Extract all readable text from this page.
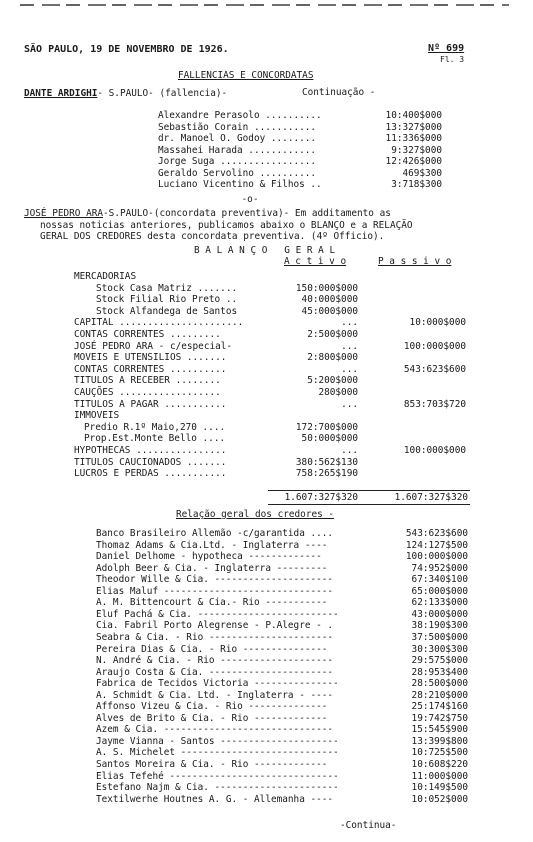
SÃO PAULO, 19 DE NOVEMBRO DE 1926.	Nº 699
Fl. 3
FALLENCIAS E CONCORDATAS
DANTE ARDIGHI- S.PAULO- (fallencia)-	Continuação -
Alexandre Perasolo ..........	10:400$000
Sebastião Corain ...........	13:327$000
dr. Manoel O. Godoy ........	11:336$000
Massahei Harada ............	9:327$000
Jorge Suga .................	12:426$000
Geraldo Servolino ..........	469$300
Luciano Vicentino & Filhos ..	3:718$300
-o-
JOSÉ PEDRO ARA-S.PAULO-(concordata preventiva)- Em additamento as
nossas noticias anteriores, publicamos abaixo o BLANÇO e a RELAÇÃO
GERAL DOS CREDORES desta concordata preventiva. (4º Officio).
B A L A N Ç O   G E R A L
A c t i v o	P a s s i v o
MERCADORIAS
Stock Casa Matriz .......	150:000$000
Stock Filial Rio Preto ..	40:000$000
Stock Alfandega de Santos	45:000$000
CAPITAL ......................	...	10:000$000
CONTAS CORRENTES .........	2:500$000
JOSÉ PEDRO ARA - c/especial-	...	100:000$000
MOVEIS E UTENSILIOS .......	2:800$000
CONTAS CORRENTES ..........	...	543:623$600
TITULOS A RECEBER ........	5:200$000
CAUÇÕES ..................	280$000
TITULOS A PAGAR ...........	...	853:703$720
IMMOVEIS
Predio R.1º Maio,270 ....	172:700$000
Prop.Est.Monte Bello ....	50:000$000
HYPOTHECAS ................	...	100:000$000
TITULOS CAUCIONADOS .......	380:562$130
LUCROS E PERDAS ...........	758:265$190
1.607:327$320	1.607:327$320
Relação geral dos credores -
Banco Brasileiro Allemão -c/garantida ....	543:623$600
Thomaz Adams & Cia.Ltd. - Inglaterra ----	124:127$500
Daniel Delhome - hypotheca -------------	100:000$000
Adolph Beer & Cia. - Inglaterra ---------	74:952$000
Theodor Wille & Cia. ---------------------	67:340$100
Elias Maluf ------------------------------	65:000$000
A. M. Bittencourt & Cia.- Rio -----------	62:133$000
Eluf Pachá & Cia. -------------------------	43:000$000
Cia. Fabril Porto Alegrense - P.Alegre - .	38:190$300
Seabra & Cia. - Rio ----------------------	37:500$000
Pereira Dias & Cia. - Rio ---------------	30:300$300
N. André & Cia. - Rio --------------------	29:575$000
Araujo Costa & Cia. ----------------------	28:953$400
Fabrica de Tecidos Victoria ---------------	28:500$000
A. Schmidt & Cia. Ltd. - Inglaterra - ----	28:210$000
Affonso Vizeu & Cia. - Rio --------------	25:174$160
Alves de Brito & Cia. - Rio -------------	19:742$750
Azem & Cia. ------------------------------	15:545$900
Jayme Vianna - Santos ---------------------	13:399$800
A. S. Michelet ----------------------------	10:725$500
Santos Moreira & Cia. - Rio -------------	10:608$220
Elias Tefehé ------------------------------	11:000$000
Estefano Najm & Cia. ----------------------	10:149$500
Textilwerhe Houtnes A. G. - Allemanha ----	10:052$000
-Continua-
